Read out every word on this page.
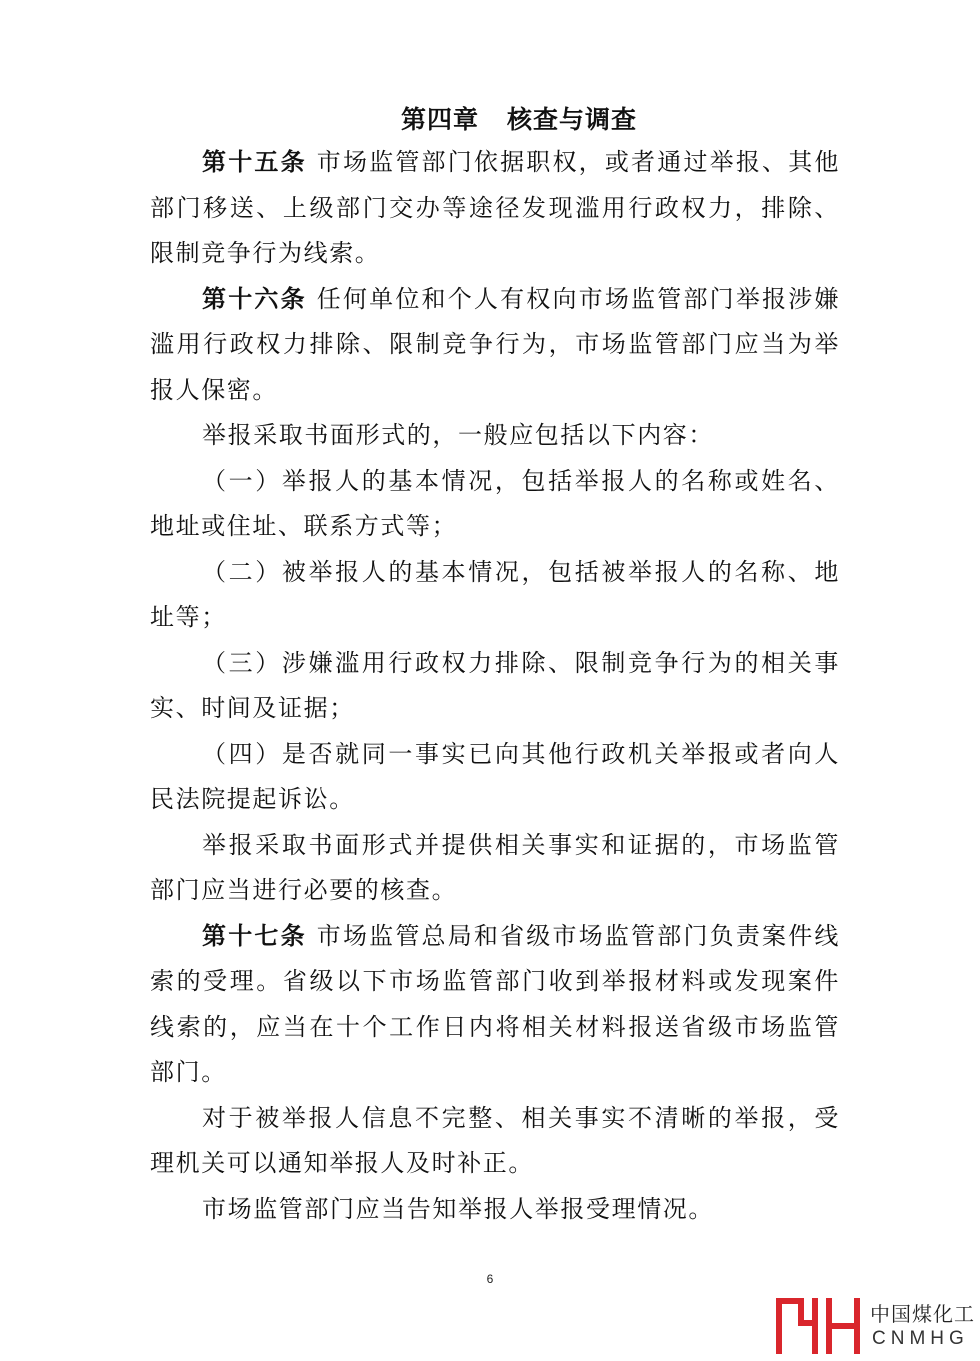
第四章 核查与调查

第十五条 市场监管部门依据职权，或者通过举报、其他部门移送、上级部门交办等途径发现滥用行政权力，排除、限制竞争行为线索。

第十六条 任何单位和个人有权向市场监管部门举报涉嫌滥用行政权力排除、限制竞争行为，市场监管部门应当为举报人保密。

举报采取书面形式的，一般应包括以下内容：

（一）举报人的基本情况，包括举报人的名称或姓名、地址或住址、联系方式等；

（二）被举报人的基本情况，包括被举报人的名称、地址等；

（三）涉嫌滥用行政权力排除、限制竞争行为的相关事实、时间及证据；

（四）是否就同一事实已向其他行政机关举报或者向人民法院提起诉讼。

举报采取书面形式并提供相关事实和证据的，市场监管部门应当进行必要的核查。

第十七条 市场监管总局和省级市场监管部门负责案件线索的受理。省级以下市场监管部门收到举报材料或发现案件线索的，应当在十个工作日内将相关材料报送省级市场监管部门。

对于被举报人信息不完整、相关事实不清晰的举报，受理机关可以通知举报人及时补正。

市场监管部门应当告知举报人举报受理情况。

6
中国煤化工
CNMHG
